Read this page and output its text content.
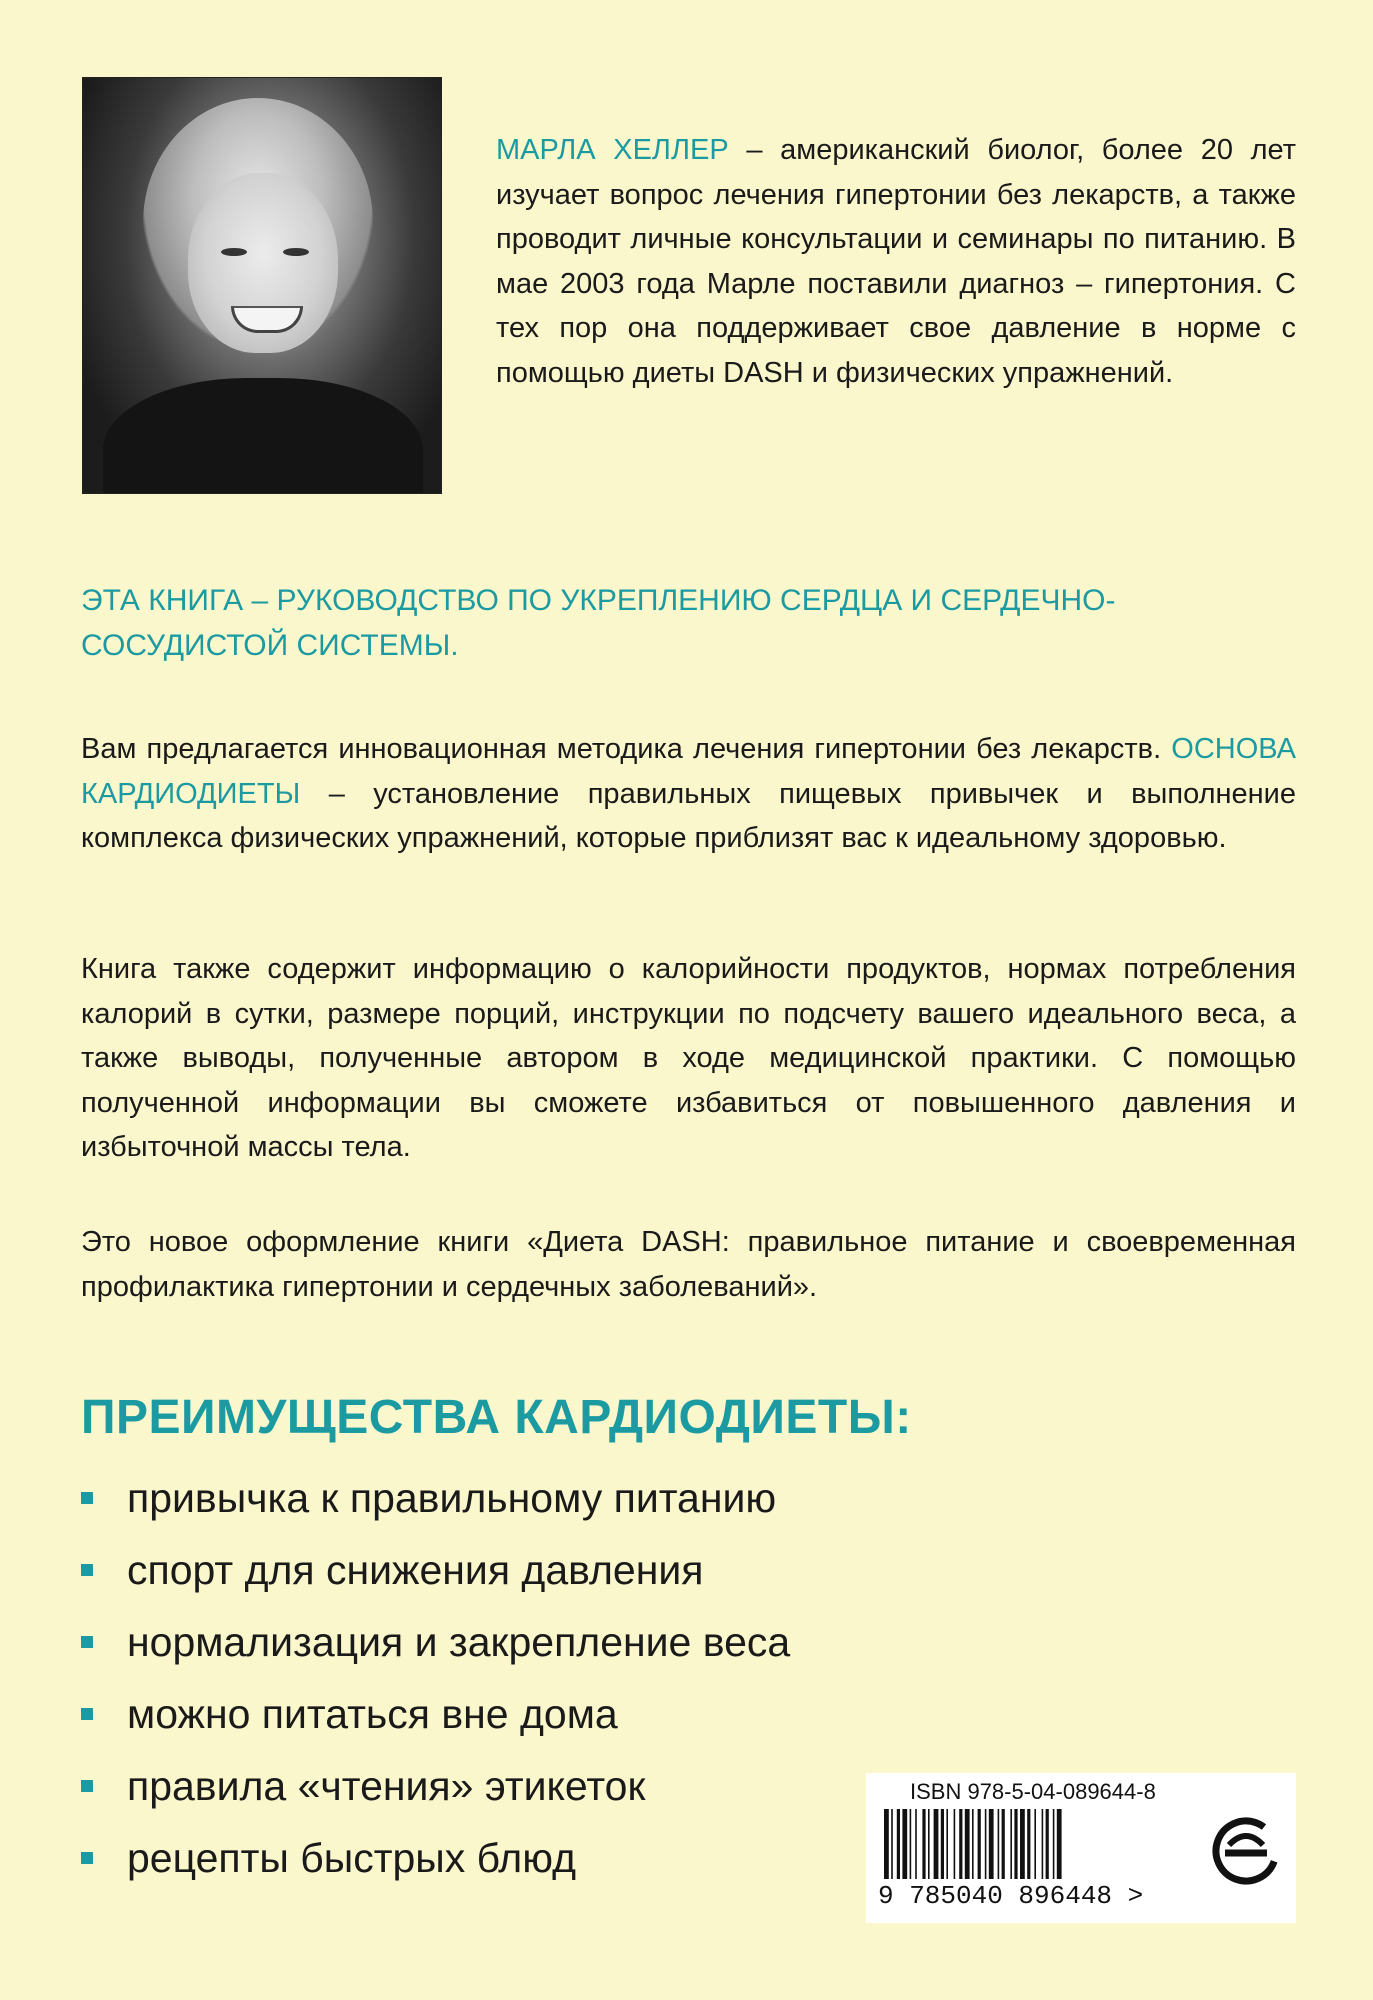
МАРЛА ХЕЛЛЕР – американский биолог, более 20 лет изучает вопрос лечения гипертонии без лекарств, а также проводит личные консультации и семинары по питанию. В мае 2003 года Марле поставили диагноз – гипертония. С тех пор она поддерживает свое давление в норме с помощью диеты DASH и физических упражнений.

ЭТА КНИГА – РУКОВОДСТВО ПО УКРЕПЛЕНИЮ СЕРДЦА И СЕРДЕЧНО-СОСУДИСТОЙ СИСТЕМЫ.

Вам предлагается инновационная методика лечения гипертонии без лекарств. ОСНОВА КАРДИОДИЕТЫ – установление правильных пищевых привычек и выполнение комплекса физических упражнений, которые приблизят вас к идеальному здоровью.

Книга также содержит информацию о калорийности продуктов, нормах потребления калорий в сутки, размере порций, инструкции по подсчету вашего идеального веса, а также выводы, полученные автором в ходе медицинской практики. С помощью полученной информации вы сможете избавиться от повышенного давления и избыточной массы тела.

Это новое оформление книги «Диета DASH: правильное питание и своевременная профилактика гипертонии и сердечных заболеваний».

ПРЕИМУЩЕСТВА КАРДИОДИЕТЫ:
привычка к правильному питанию
спорт для снижения давления
нормализация и закрепление веса
можно питаться вне дома
правила «чтения» этикеток
рецепты быстрых блюд
ISBN 978-5-04-089644-8
9 785040 896448 >
